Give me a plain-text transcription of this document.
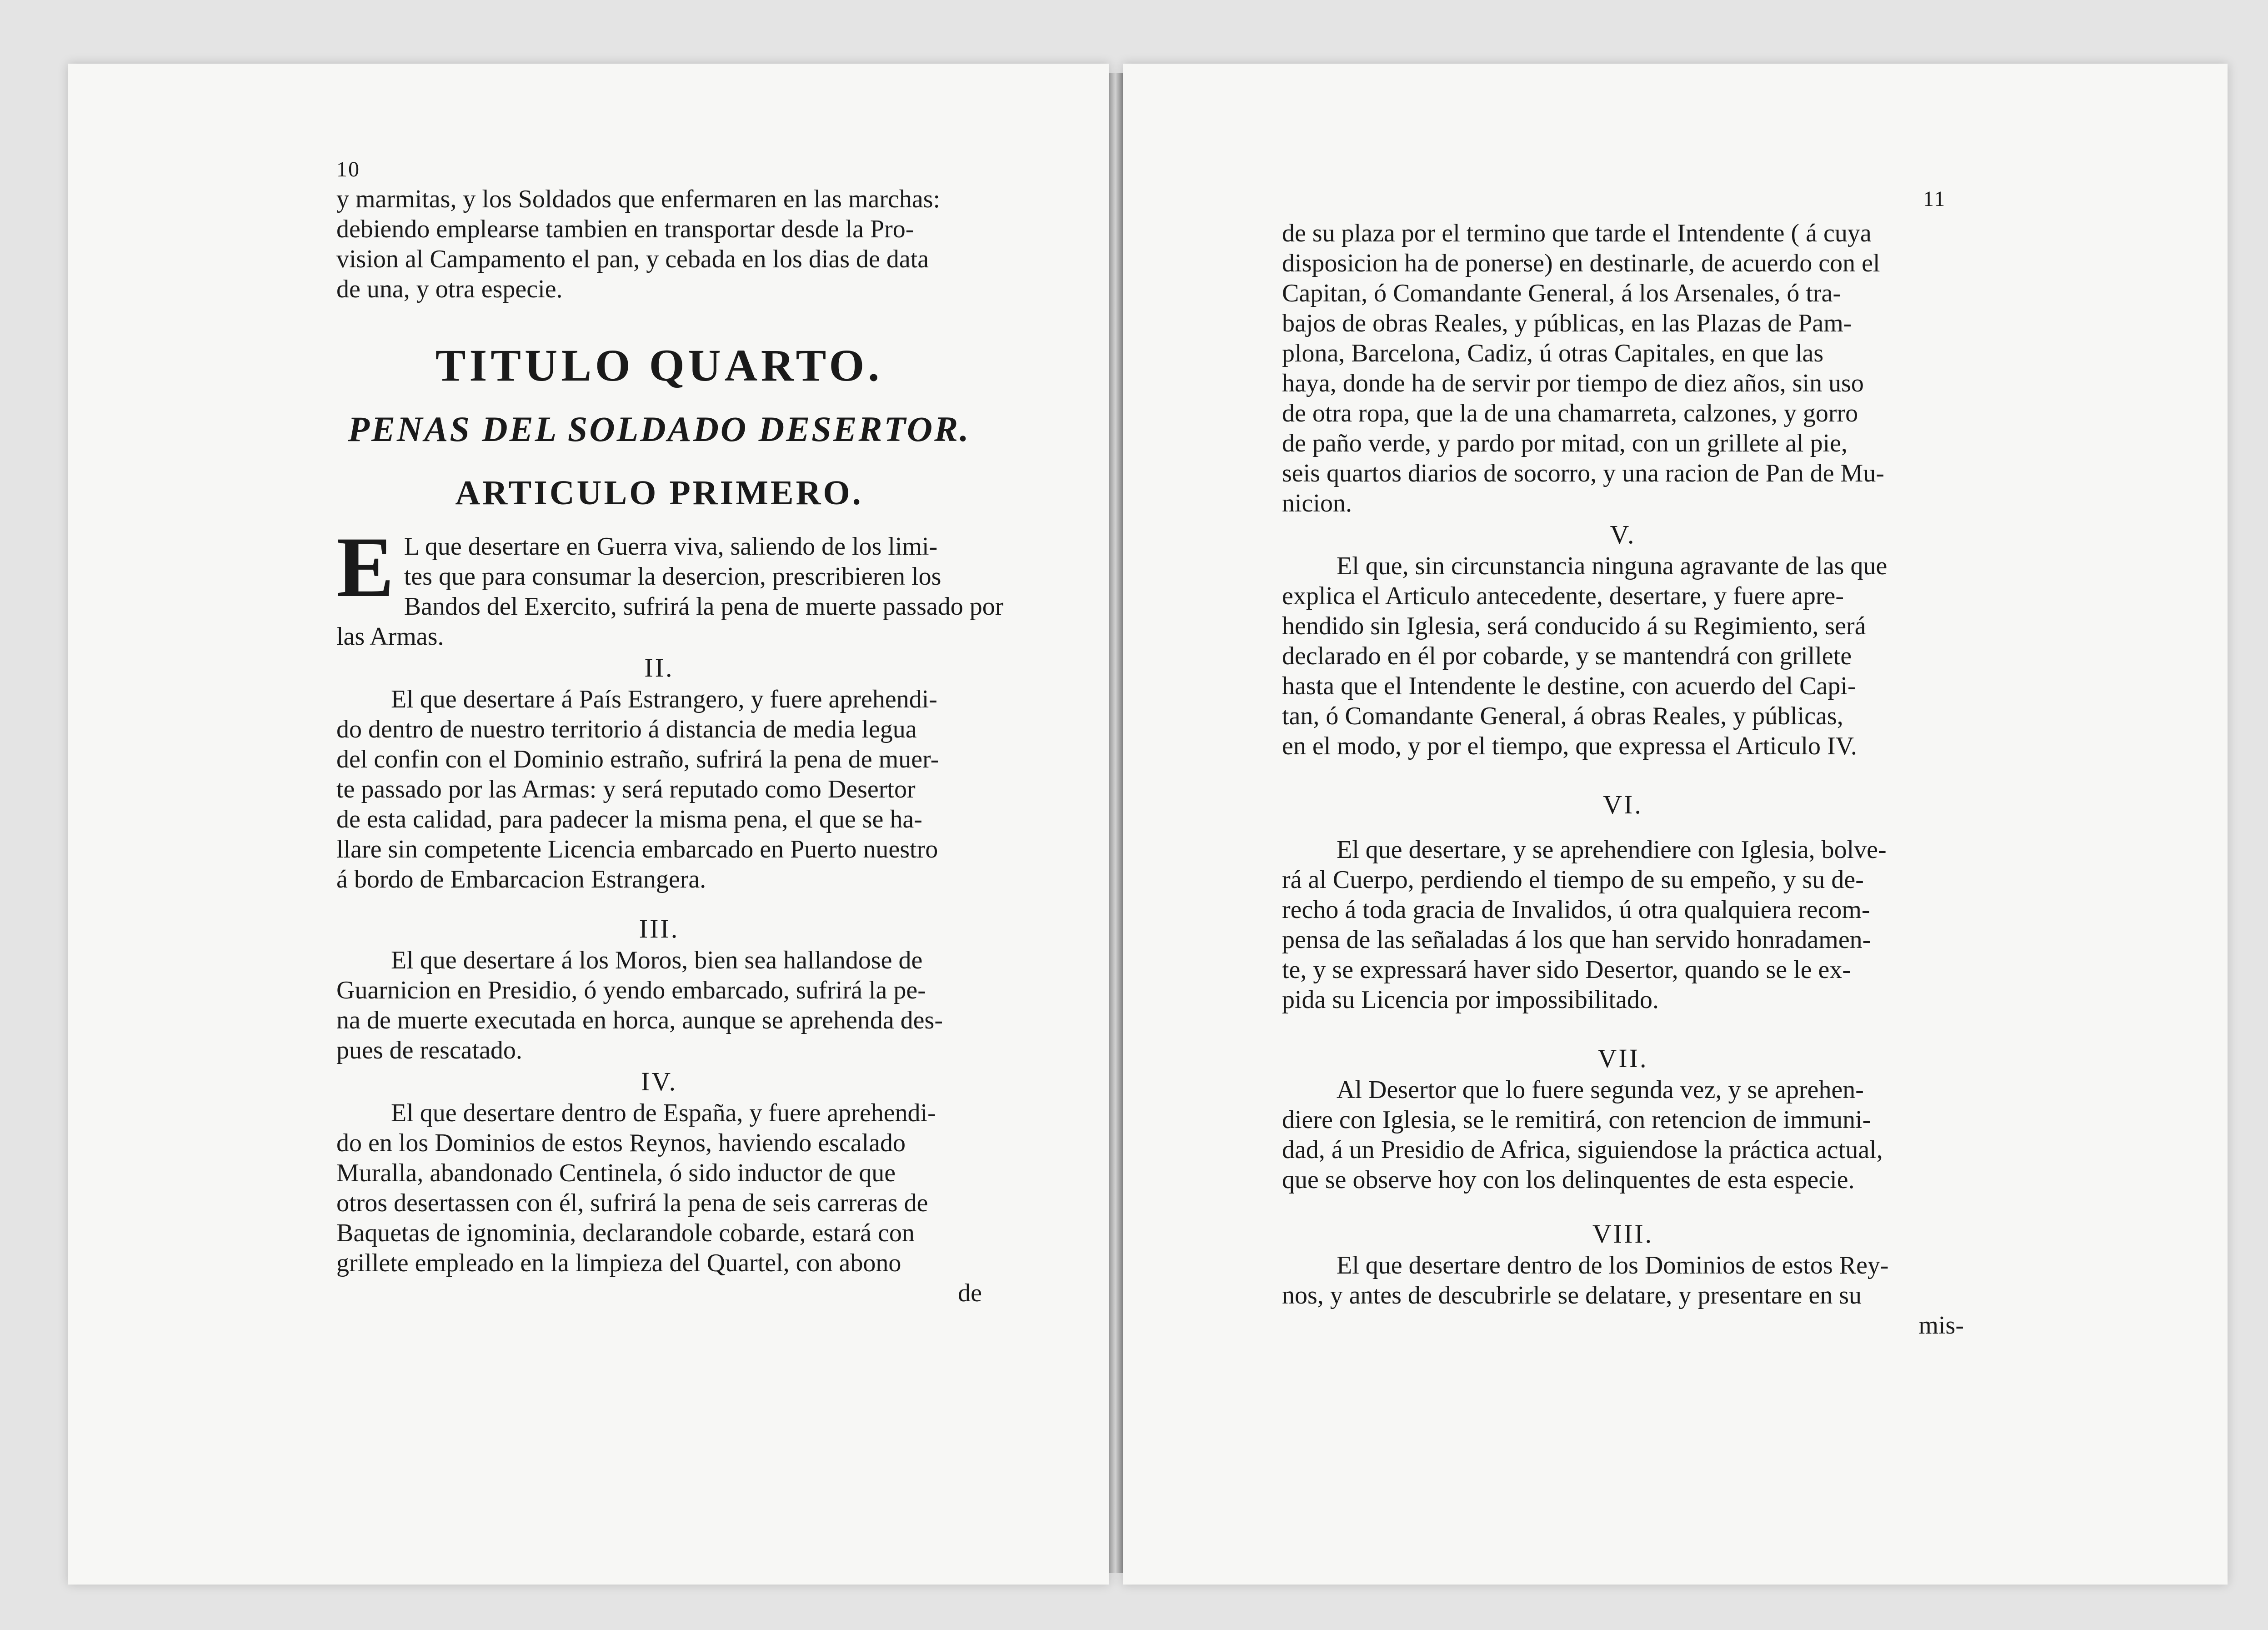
10

y marmitas, y los Soldados que enfermaren en las marchas:
debiendo emplearse tambien en transportar desde la Pro-
vision al Campamento el pan, y cebada en los dias de data
de una, y otra especie.

TITULO QUARTO.
PENAS DEL SOLDADO DESERTOR.
ARTICULO PRIMERO.

E L que desertare en Guerra viva, saliendo de los limi-
tes que para consumar la desercion, prescribieren los
Bandos del Exercito, sufrirá la pena de muerte passado por
las Armas.

II.

El que desertare á País Estrangero, y fuere aprehendi-
do dentro de nuestro territorio á distancia de media legua
del confin con el Dominio estraño, sufrirá la pena de muer-
te passado por las Armas: y será reputado como Desertor
de esta calidad, para padecer la misma pena, el que se ha-
llare sin competente Licencia embarcado en Puerto nuestro
á bordo de Embarcacion Estrangera.

III.

El que desertare á los Moros, bien sea hallandose de
Guarnicion en Presidio, ó yendo embarcado, sufrirá la pe-
na de muerte executada en horca, aunque se aprehenda des-
pues de rescatado.

IV.

El que desertare dentro de España, y fuere aprehendi-
do en los Dominios de estos Reynos, haviendo escalado
Muralla, abandonado Centinela, ó sido inductor de que
otros desertassen con él, sufrirá la pena de seis carreras de
Baquetas de ignominia, declarandole cobarde, estará con
grillete empleado en la limpieza del Quartel, con abono

de
11

de su plaza por el termino que tarde el Intendente ( á cuya
disposicion ha de ponerse) en destinarle, de acuerdo con el
Capitan, ó Comandante General, á los Arsenales, ó tra-
bajos de obras Reales, y públicas, en las Plazas de Pam-
plona, Barcelona, Cadiz, ú otras Capitales, en que las
haya, donde ha de servir por tiempo de diez años, sin uso
de otra ropa, que la de una chamarreta, calzones, y gorro
de paño verde, y pardo por mitad, con un grillete al pie,
seis quartos diarios de socorro, y una racion de Pan de Mu-
nicion.

V.

El que, sin circunstancia ninguna agravante de las que
explica el Articulo antecedente, desertare, y fuere apre-
hendido sin Iglesia, será conducido á su Regimiento, será
declarado en él por cobarde, y se mantendrá con grillete
hasta que el Intendente le destine, con acuerdo del Capi-
tan, ó Comandante General, á obras Reales, y públicas,
en el modo, y por el tiempo, que expressa el Articulo IV.

VI.

El que desertare, y se aprehendiere con Iglesia, bolve-
rá al Cuerpo, perdiendo el tiempo de su empeño, y su de-
recho á toda gracia de Invalidos, ú otra qualquiera recom-
pensa de las señaladas á los que han servido honradamen-
te, y se expressará haver sido Desertor, quando se le ex-
pida su Licencia por impossibilitado.

VII.

Al Desertor que lo fuere segunda vez, y se aprehen-
diere con Iglesia, se le remitirá, con retencion de immuni-
dad, á un Presidio de Africa, siguiendose la práctica actual,
que se observe hoy con los delinquentes de esta especie.

VIII.

El que desertare dentro de los Dominios de estos Rey-
nos, y antes de descubrirle se delatare, y presentare en su

mis-
